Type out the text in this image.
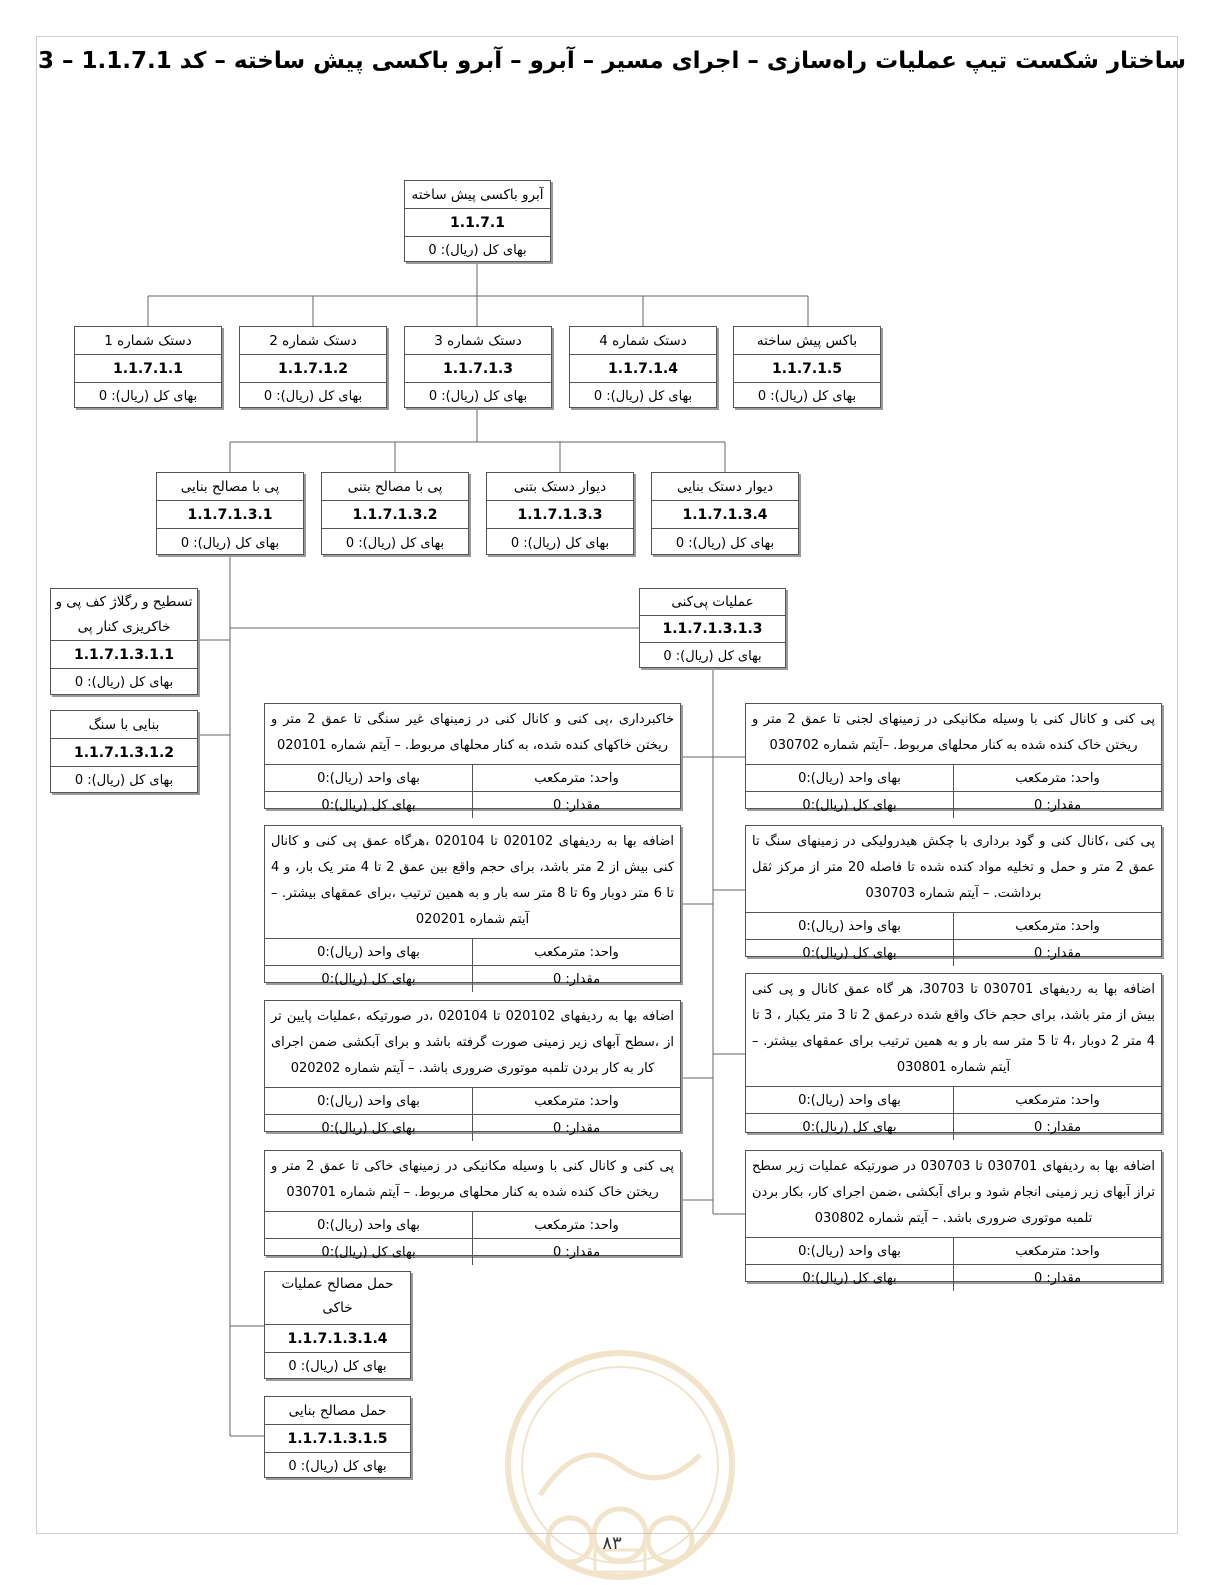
ساختار شکست تیپ عملیات راه‌سازی – اجرای مسیر – آبرو – آبرو باکسی پیش ساخته – کد 1.1.7.1 – 3
آبرو باکسی پیش ساخته
1.1.7.1
بهای کل (ریال): 0
دستک شماره 1
1.1.7.1.1
بهای کل (ریال): 0
دستک شماره 2
1.1.7.1.2
بهای کل (ریال): 0
دستک شماره 3
1.1.7.1.3
بهای کل (ریال): 0
دستک شماره 4
1.1.7.1.4
بهای کل (ریال): 0
باکس پیش ساخته
1.1.7.1.5
بهای کل (ریال): 0
پی با مصالح بنایی
1.1.7.1.3.1
بهای کل (ریال): 0
پی با مصالح بتنی
1.1.7.1.3.2
بهای کل (ریال): 0
دیوار دستک بتنی
1.1.7.1.3.3
بهای کل (ریال): 0
دیوار دستک بنایی
1.1.7.1.3.4
بهای کل (ریال): 0
تسطیح و رگلاژ کف پی و خاکریزی کنار پی
1.1.7.1.3.1.1
بهای کل (ریال): 0
بنایی با سنگ
1.1.7.1.3.1.2
بهای کل (ریال): 0
عملیات پی‌کنی
1.1.7.1.3.1.3
بهای کل (ریال): 0
حمل مصالح عملیات خاکی
1.1.7.1.3.1.4
بهای کل (ریال): 0
حمل مصالح بنایی
1.1.7.1.3.1.5
بهای کل (ریال): 0
خاکبرداری ،پی کنی و کانال کنی در زمینهای غیر سنگی تا عمق 2 متر و ریختن خاکهای کنده شده، به کنار محلهای مربوط. – آیتم شماره 020101
واحد: مترمکعب
بهای واحد (ریال):0
مقدار: 0
بهای کل (ریال):0
اضافه بها به ردیفهای 020102 تا 020104 ،هرگاه عمق پی کنی و کانال کنی بیش از 2 متر باشد، برای حجم واقع بین عمق 2 تا 4 متر یک بار، و 4 تا 6 متر دوبار و6 تا 8 متر سه بار و به همین ترتیب ،برای عمقهای بیشتر. – آیتم شماره 020201
واحد: مترمکعب
بهای واحد (ریال):0
مقدار: 0
بهای کل (ریال):0
اضافه بها به ردیفهای 020102 تا 020104 ،در صورتیکه ،عملیات پایین تر از ،سطح آبهای زیر زمینی صورت گرفته باشد و برای آبکشی ضمن اجرای کار به کار بردن تلمبه موتوری ضروری باشد. – آیتم شماره 020202
واحد: مترمکعب
بهای واحد (ریال):0
مقدار: 0
بهای کل (ریال):0
پی کنی و کانال کنی با وسیله مکانیکی در زمینهای خاکی تا عمق 2 متر و ریختن خاک کنده شده به کنار محلهای مربوط. – آیتم شماره 030701
واحد: مترمکعب
بهای واحد (ریال):0
مقدار: 0
بهای کل (ریال):0
پی کنی و کانال کنی با وسیله مکانیکی در زمینهای لجنی تا عمق 2 متر و ریختن خاک کنده شده به کنار محلهای مربوط. –آیتم شماره 030702
واحد: مترمکعب
بهای واحد (ریال):0
مقدار: 0
بهای کل (ریال):0
پی کنی ،کانال کنی و گود برداری با چکش هیدرولیکی در زمینهای سنگ تا عمق 2 متر و حمل و تخلیه مواد کنده شده تا فاصله 20 متر از مرکز ثقل برداشت. – آیتم شماره 030703
واحد: مترمکعب
بهای واحد (ریال):0
مقدار: 0
بهای کل (ریال):0
اضافه بها به ردیفهای 030701 تا 30703، هر گاه عمق کانال و پی کنی بیش از متر باشد، برای حجم خاک واقع شده درعمق 2 تا 3 متر یکبار ، 3 تا 4 متر 2 دوبار ،4 تا 5 متر سه بار و به همین ترتیب برای عمقهای بیشتر. – آیتم شماره 030801
واحد: مترمکعب
بهای واحد (ریال):0
مقدار: 0
بهای کل (ریال):0
اضافه بها به ردیفهای 030701 تا 030703 در صورتیکه عملیات زیر سطح تراز آبهای زیر زمینی انجام شود و برای آبکشی ،ضمن اجرای کار، بکار بردن تلمبه موتوری ضروری باشد. – آیتم شماره 030802
واحد: مترمکعب
بهای واحد (ریال):0
مقدار: 0
بهای کل (ریال):0
۸۳
